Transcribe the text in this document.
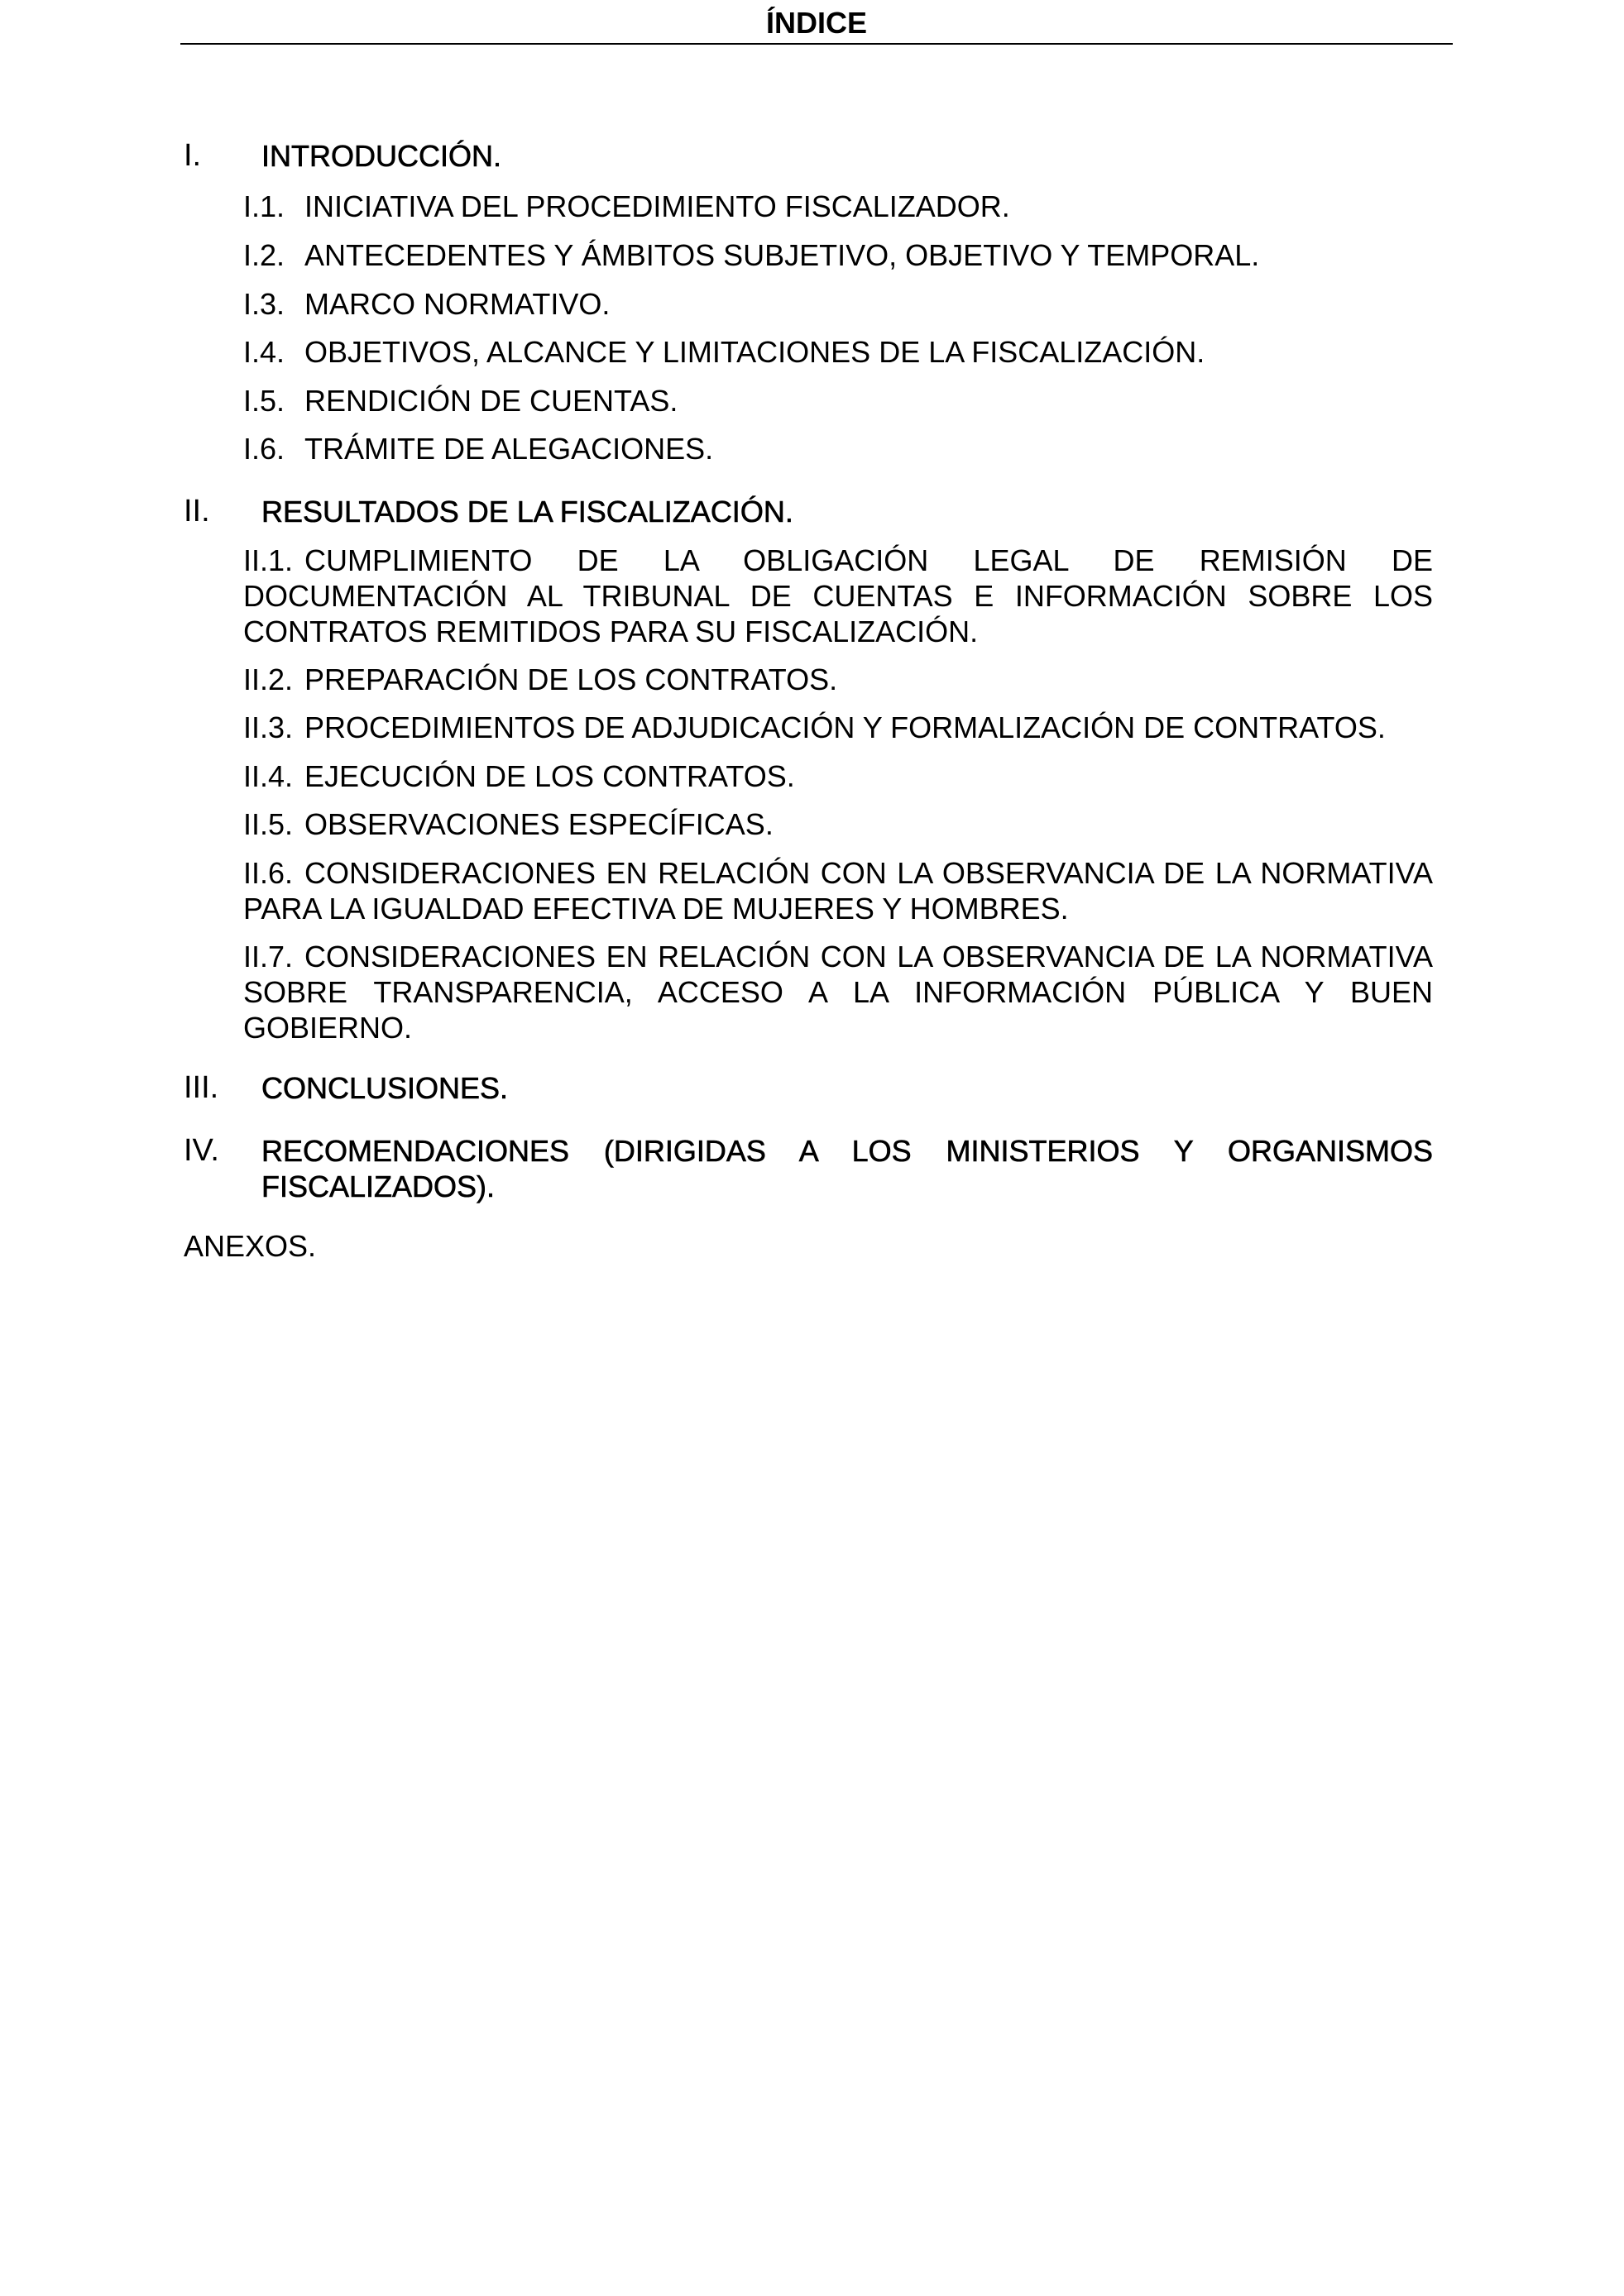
ÍNDICE
I. INTRODUCCIÓN.
I.1. INICIATIVA DEL PROCEDIMIENTO FISCALIZADOR.
I.2. ANTECEDENTES Y ÁMBITOS SUBJETIVO, OBJETIVO Y TEMPORAL.
I.3. MARCO NORMATIVO.
I.4. OBJETIVOS, ALCANCE Y LIMITACIONES DE LA FISCALIZACIÓN.
I.5. RENDICIÓN DE CUENTAS.
I.6. TRÁMITE DE ALEGACIONES.
II. RESULTADOS DE LA FISCALIZACIÓN.
II.1. CUMPLIMIENTO DE LA OBLIGACIÓN LEGAL DE REMISIÓN DE DOCUMENTACIÓN AL TRIBUNAL DE CUENTAS E INFORMACIÓN SOBRE LOS CONTRATOS REMITIDOS PARA SU FISCALIZACIÓN.
II.2. PREPARACIÓN DE LOS CONTRATOS.
II.3. PROCEDIMIENTOS DE ADJUDICACIÓN Y FORMALIZACIÓN DE CONTRATOS.
II.4. EJECUCIÓN DE LOS CONTRATOS.
II.5. OBSERVACIONES ESPECÍFICAS.
II.6. CONSIDERACIONES EN RELACIÓN CON LA OBSERVANCIA DE LA NORMATIVA PARA LA IGUALDAD EFECTIVA DE MUJERES Y HOMBRES.
II.7. CONSIDERACIONES EN RELACIÓN CON LA OBSERVANCIA DE LA NORMATIVA SOBRE TRANSPARENCIA, ACCESO A LA INFORMACIÓN PÚBLICA Y BUEN GOBIERNO.
III. CONCLUSIONES.
IV. RECOMENDACIONES (DIRIGIDAS A LOS MINISTERIOS Y ORGANISMOS FISCALIZADOS).
ANEXOS.
